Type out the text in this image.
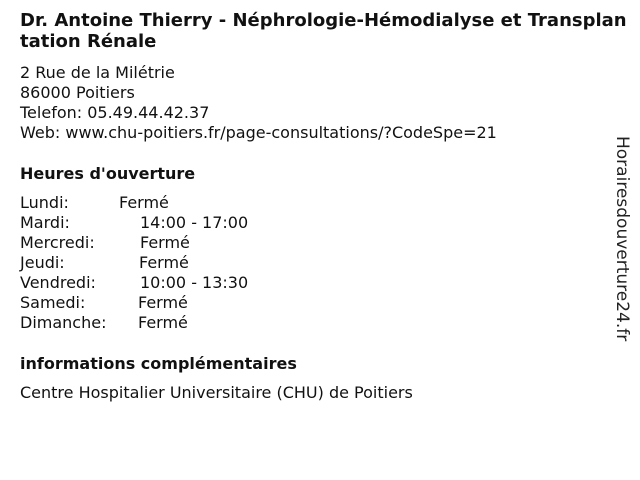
Dr. Antoine Thierry - Néphrologie-Hémodialyse et Transplantation Rénale
2 Rue de la Milétrie
86000 Poitiers
Telefon: 05.49.44.42.37
Web: www.chu-poitiers.fr/page-consultations/?CodeSpe=21
Heures d'ouverture
Lundi:	Fermé
Mardi:	14:00 - 17:00
Mercredi:	Fermé
Jeudi:	Fermé
Vendredi:	10:00 - 13:30
Samedi:	Fermé
Dimanche:	Fermé
informations complémentaires
Centre Hospitalier Universitaire (CHU) de Poitiers
Horairesdouverture24.fr
